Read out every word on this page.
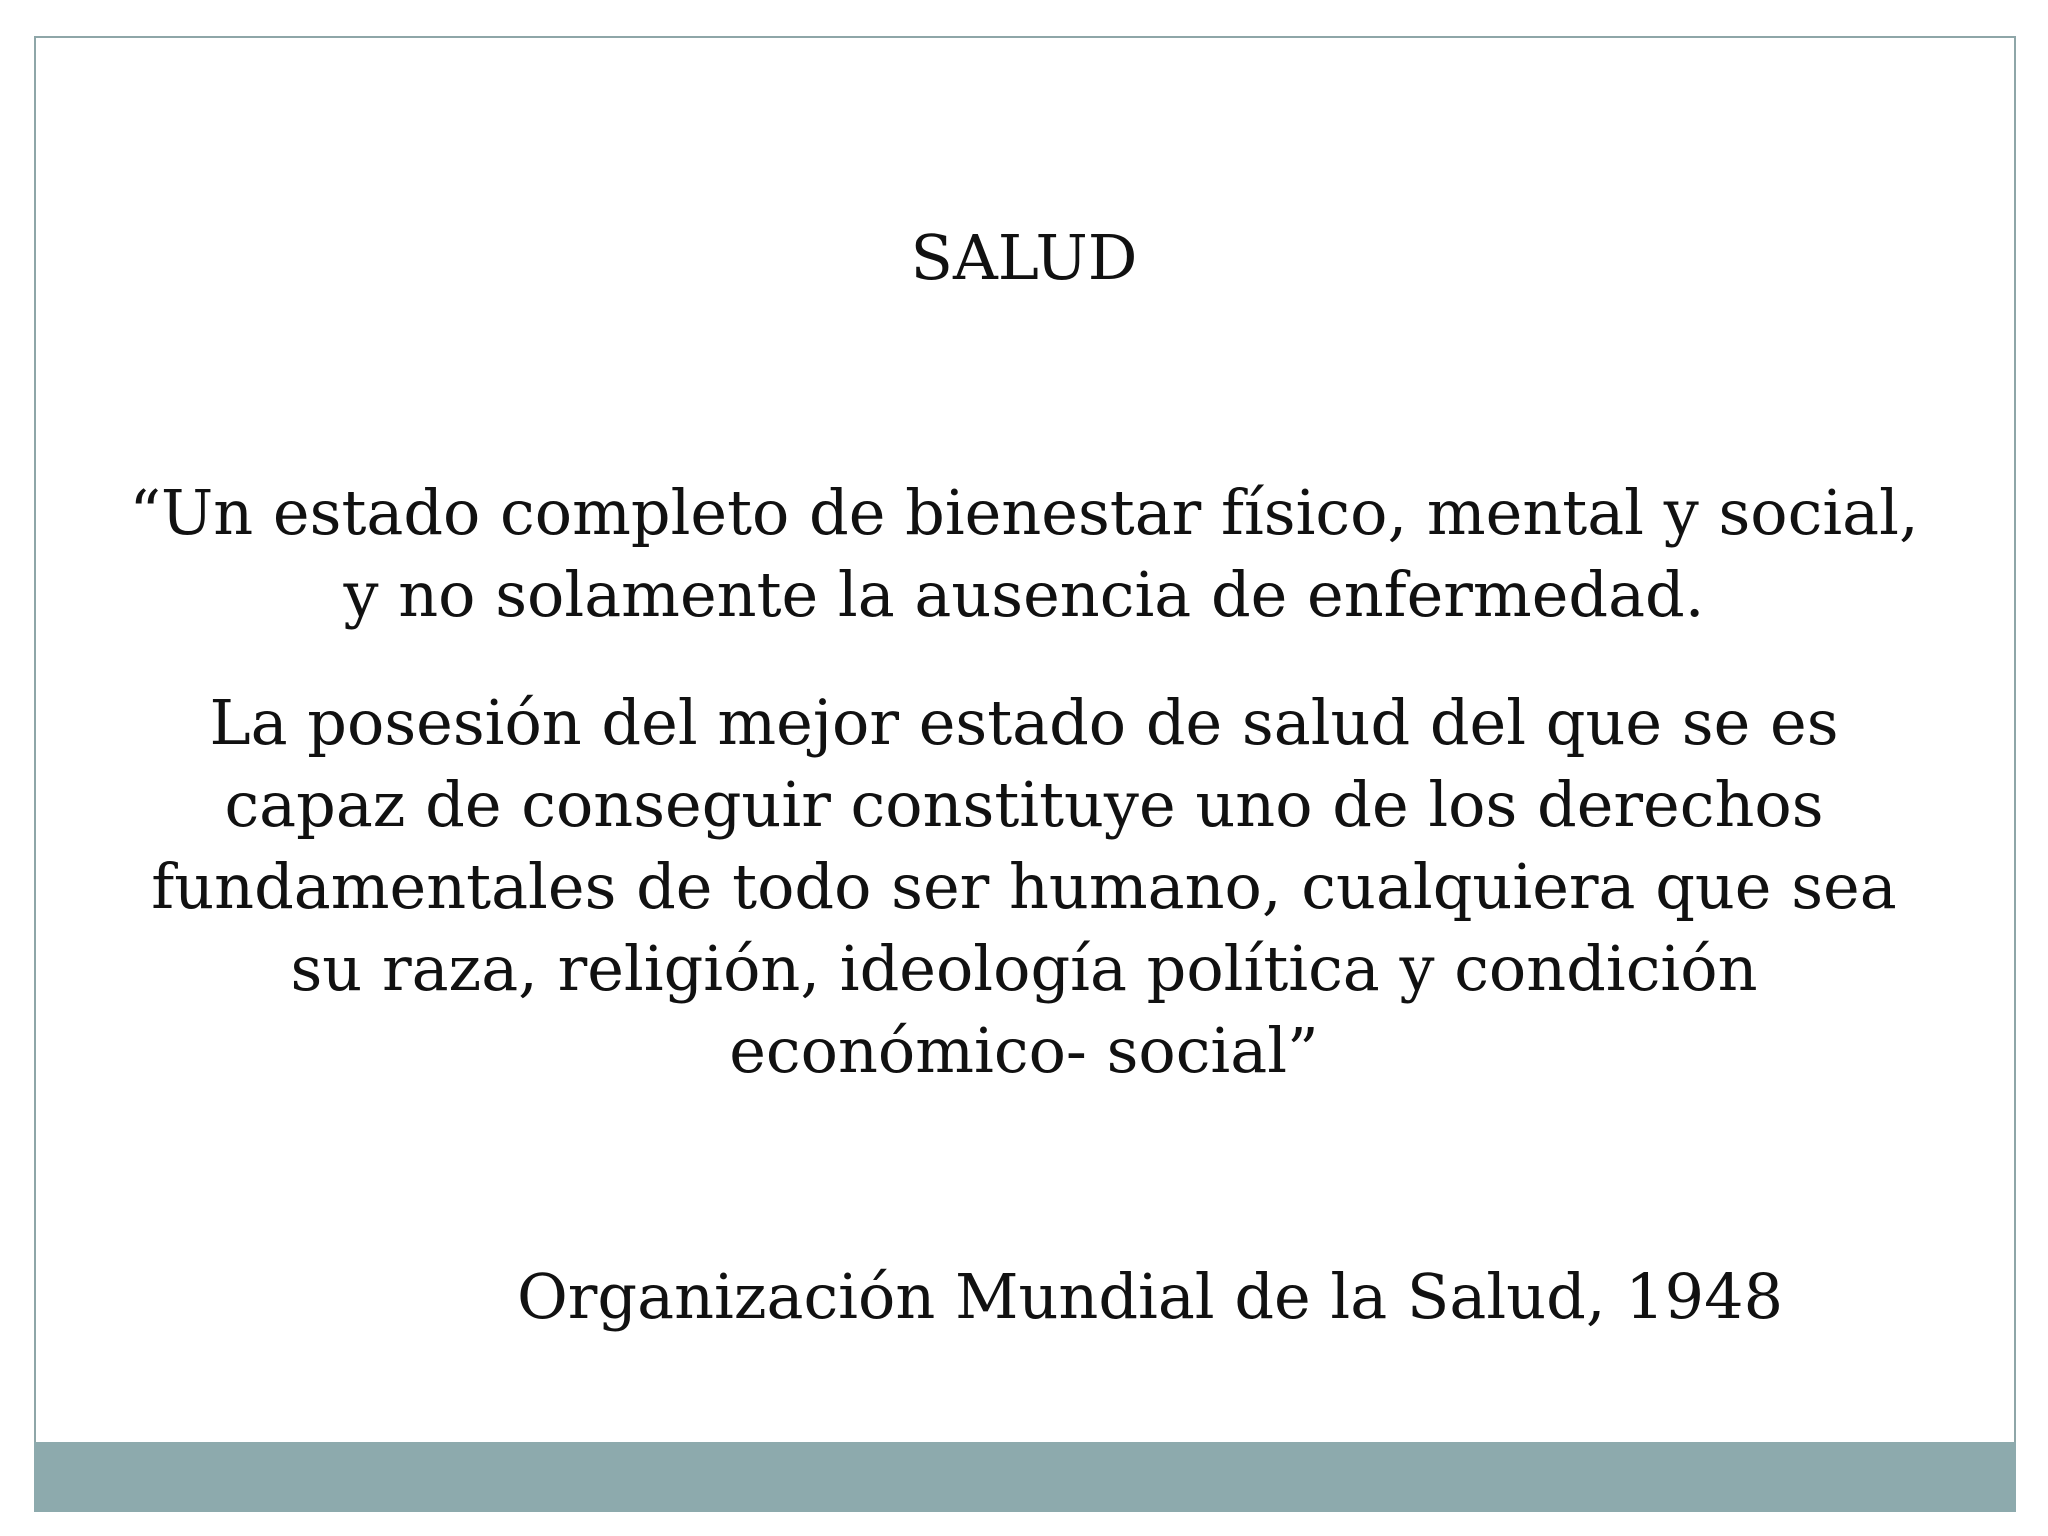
SALUD
“Un estado completo de bienestar físico, mental y social,
y no solamente la ausencia de enfermedad.
La posesión del mejor estado de salud del que se es
capaz de conseguir constituye uno de los derechos
fundamentales de todo ser humano, cualquiera que sea
su raza, religión, ideología política y condición
económico- social”
Organización Mundial de la Salud, 1948
